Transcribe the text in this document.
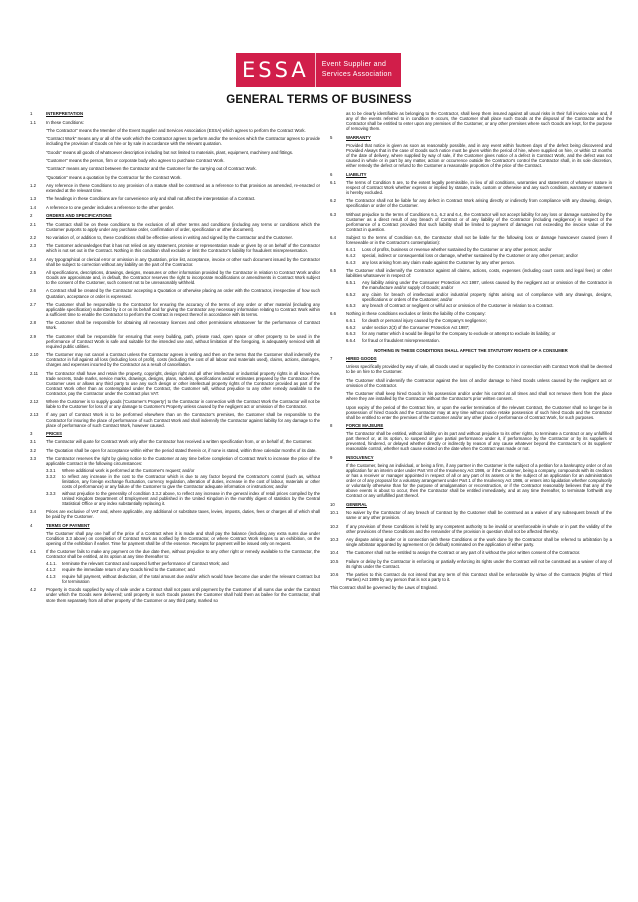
ESSA	Event Supplier and
Services Association
GENERAL TERMS OF BUSINESS
1	INTERPRETATION
1.1	In these Conditions:
"The Contractor" means the Member of the Event Supplier and Services Association (ESSA) which agrees to perform the Contract Work.
"Contract Work" means any or all of the work which the Contractor agrees to perform and/or the services which the Contractor agrees to provide including the provision of Goods on hire or by sale in accordance with the relevant quotation.
"Goods" means all goods of whatsoever description including but not limited to materials, plant, equipment, machinery and fittings.
"Customer" means the person, firm or corporate body who agrees to purchase Contract Work.
"Contract" means any contract between the Contractor and the Customer for the carrying out of Contract Work.
"Quotation" means a quotation by the Contractor for the Contract Work.
1.2	Any reference in these Conditions to any provision of a statute shall be construed as a reference to that provision as amended, re-enacted or extended at the relevant time.
1.3	The headings in these Conditions are for convenience only and shall not affect the interpretation of a Contract.
1.4	A reference to one gender includes a reference to the other gender.
2	ORDERS AND SPECIFICATIONS
2.1	The Contract shall be on these conditions to the exclusion of all other terms and conditions (including any terms or conditions which the Customer purports to apply under any purchase order, confirmation of order, specification or other document).
2.2	No variation of, or addition to, these Conditions shall be effective unless in writing and signed by the Contractor and the Customer.
2.3	The Customer acknowledges that it has not relied on any statement, promise or representation made or given by or on behalf of the Contractor which is not set out in the Contract. Nothing in this condition shall exclude or limit the Contractor's liability for fraudulent misrepresentation.
2.4	Any typographical or clerical error or omission in any Quotation, price list, acceptance, invoice or other such document issued by the Contractor shall be subject to correction without any liability on the part of the Contractor.
2.5	All specifications, descriptions, drawings, designs, measures or other information provided by the Contractor in relation to Contract Work and/or Goods are approximate and, in default, the Contractor reserves the right to incorporate modifications or amendments in Contract Work subject to the consent of the Customer, such consent not to be unreasonably withheld.
2.6	A Contract shall be created by the Contractor accepting a Quotation or otherwise placing an order with the Contractor, irrespective of how such Quotation, acceptance or order is expressed.
2.7	The Customer shall be responsible to the Contractor for ensuring the accuracy of the terms of any order or other material (including any applicable specification) submitted by it or on its behalf and for giving the Contractor any necessary information relating to Contract Work within a sufficient time to enable the Contractor to perform the Contract in respect thereof in accordance with its terms.
2.8	The Customer shall be responsible for obtaining all necessary licences and other permissions whatsoever for the performance of Contract Work.
2.9	The Customer shall be responsible for ensuring that every building, path, private road, open space or other property to be used in the performance of Contract Work is safe and suitable for the intended use and, without limitation of the foregoing, is adequately serviced with all required public utilities.
2.10	The Customer may not cancel a Contract unless the Contractor agrees in writing and then on the terms that the Customer shall indemnify the Contractor in full against all loss (including loss of profit), costs (including the cost of all labour and materials used), claims, actions, damages, charges and expenses incurred by the Contractor as a result of cancellation.
2.11	The Contractor shall have and retain the property, copyright, design right and all other intellectual or industrial property rights in all know-how, trade secrets, trade marks, service marks, drawings, designs, plans, models, specifications and/or estimates prepared by the Contractor. If the Customer uses or allows any third party to use any such design or other intellectual property rights of the Contractor provided as part of the Contract Work other than as contemplated under the Contract, the Customer will, without prejudice to any other remedy available to the Contractor, pay the Contractor under the Contract plus VAT.
2.12	Where the Customer is to supply goods ('Customer's Property') to the Contractor in connection with the Contract Work the Contractor will not be liable to the Customer for loss of or any damage to Customer's Property unless caused by the negligent act or omission of the Contractor.
2.13	If any part of Contract Work is to be performed elsewhere than on the Contractor's premises, the Customer shall be responsible to the Contractor for insuring the place of performance of such Contract Work and shall indemnify the Contractor against liability for any damage to the place of performance of such Contract Work, however caused.
3	PRICES
3.1	The Contractor will quote for Contract Work only after the Contractor has received a written specification from, or on behalf of, the Customer.
3.2	The Quotation shall be open for acceptance within either the period stated therein or, if none is stated, within three calendar months of its date.
3.3	The Contractor reserves the right by giving notice to the Customer at any time before completion of Contract Work to increase the price of the applicable Contract in the following circumstances:
3.3.1	Where additional work is performed at the Customer's request; and/or
3.3.2	to reflect any increase in the cost to the Contractor which is due to any factor beyond the Contractor's control (such as, without limitation, any foreign exchange fluctuation, currency regulation, alteration of duties, increase in the cost of labour, materials or other costs of performance) or any failure of the Customer to give the Contractor adequate information or instructions; and/or
3.3.3	without prejudice to the generality of condition 3.3.2 above, to reflect any increase in the general index of retail prices compiled by the United Kingdom Department of Employment and published in the United Kingdom in the monthly digest of statistics by the Central Statistical Office or any index substantially replacing it.
3.4	Prices are exclusive of VAT and, where applicable, any additional or substitute taxes, levies, imposts, duties, fees or charges all of which shall be paid by the Customer.
4	TERMS OF PAYMENT
The Customer shall pay one half of the price of a Contract when it is made and shall pay the balance (including any extra sums due under Condition 3.3 above) on completion of Contract Work as notified by the Contractor, or where Contract Work relates to an exhibition, on the opening of the exhibition if earlier. Time for payment shall be of the essence. Receipts for payment will be issued only on request.
4.1	If the Customer fails to make any payment on the due date then, without prejudice to any other right or remedy available to the Contractor, the Contractor shall be entitled, at its option at any time thereafter to:
4.1.1.	terminate the relevant Contract and suspend further performance of Contract Work; and
4.1.2	require the immediate return of any Goods hired to the Customer; and
4.1.3	require full payment, without deduction, of the total amount due and/or which would have become due under the relevant Contract but for termination
4.2	Property in Goods supplied by way of sale under a Contract shall not pass until payment by the Customer of all sums due under the Contract under which the Goods were delivered; until property in such Goods passes the Customer shall hold them as bailee for the Contractor, shall store them separately from all other property of the Customer or any third party, marked so
as to be clearly identifiable as belonging to the Contractor, shall keep them insured against all usual risks in their full invoice value and, if any of the events referred to in condition 9 occurs, the Customer shall place such Goods at the disposal of the Contractor and the Contractor shall be entitled to enter upon any premises of the Customer, or any other premises where such Goods are kept, for the purpose of removing them.
5	WARRANTY
Provided that notice is given as soon as reasonably possible, and in any event within fourteen days of the defect being discovered and Provided Always that in the case of Goods such notice must be given within the period of hire, where supplied on hire, or within 12 months of the date of delivery, where supplied by way of sale, if the Customer gives notice of a defect in Contract Work, and the defect was not caused in whole or in part by any matter, action or occurrence outside the Contractor's control the Contractor shall, in its sole discretion, either remedy the defect or refund to the Customer a reasonable proportion of the price of the Contract.
6	LIABILITY
6.1	The terms of Condition 5 are, to the extent legally permissible, in lieu of all conditions, warranties and statements of whatever nature in respect of Contract Work whether express or implied by statute, trade, custom or otherwise and any such condition, warranty or statement is hereby excluded.
6.2	The Contractor shall not be liable for any defect in Contract Work arising directly or indirectly from compliance with any drawing, design, specification or order of the Customer.
6.3	Without prejudice to the terms of Conditions 6.1, 6.2 and 6.4, the Contractor will not accept liability for any loss or damage sustained by the Customer as a direct result of any breach of Contract or of any liability of the Contractor (including negligence) in respect of the performance of a Contract provided that such liability shall be limited to payment of damages not exceeding the invoice value of the Contract in question.
6.4	Subject to the terms of Condition 6.6, the Contractor shall not be liable for the following loss or damage howsoever caused (even if foreseeable or in the Contractor's contemplation):
6.4.1	Loss of profits, business or revenue whether sustained by the Customer or any other person; and/or
6.4.2	special, indirect or consequential loss or damage, whether sustained by the Customer or any other person; and/or
6.4.3	any loss arising from any claim made against the Customer by any other person.
6.5	The Customer shall indemnify the Contractor against all claims, actions, costs, expenses (including court costs and legal fees) or other liabilities whatsoever in respect of:
6.5.1	Any liability arising under the Consumer Protection Act 1987, unless caused by the negligent act or omission of the Contractor in the manufacture and/or supply of Goods; and/or
6.5.2	any claim for breach of intellectual and/or industrial property rights arising out of compliance with any drawings, designs, specifications or orders of the Customer; and/or
6.5.3	any breach of Contract or negligent or wilful act or omission of the Customer in relation to a Contract.
6.6	Nothing in these conditions excludes or limits the liability of the Company:
6.6.1	for death or personal injury caused by the Company's negligence;
6.6.2	under section 2(3) of the Consumer Protection Act 1987;
6.6.3	for any matter which it would be illegal for the Company to exclude or attempt to exclude its liability; or
6.6.4	for fraud or fraudulent misrepresentation.
NOTHING IN THESE CONDITIONS SHALL AFFECT THE STATUTORY RIGHTS OF A CONSUMER
7	HIRED GOODS
Unless specifically provided by way of sale, all Goods used or supplied by the Contractor in connection with Contract Work shall be deemed to be on hire to the Customer.
The Customer shall indemnify the Contractor against the loss of and/or damage to hired Goods unless caused by the negligent act or omission of the Contractor.
The Customer shall keep hired Goods in his possession and/or under his control at all times and shall not remove them from the place where they are installed by the Contractor without the Contractor's prior written consent.
Upon expiry of the period of the Contract hire, or upon the earlier termination of the relevant Contract, the Customer shall no longer be in possession of hired Goods and the Contractor may at any time without notice retake possession of such hired Goods and the Contractor shall be entitled to enter the premises of the Customer and/or any other place of performance of Contract Work, for such purposes.
8	FORCE MAJEURE
The Contractor shall be entitled, without liability on its part and without prejudice to its other rights, to terminate a Contract or any unfulfilled part thereof or, at its option, to suspend or give partial performance under it, if performance by the Contractor or by its suppliers is prevented, hindered, or delayed whether directly or indirectly by reason of any cause whatever beyond the Contractor's or its suppliers' reasonable control, whether such cause existed on the date when the Contract was made or not.
9	INSOLVENCY
If the Customer, being an individual, or being a firm, if any partner in the Customer is the subject of a petition for a bankruptcy order or of an application for an interim order under Part VIII of the Insolvency Act 1986, or if the Customer, being a company, compounds with its creditors or has a receiver or manager appointed in respect of all or any part of its assets or is the subject of an application for an administration order or of any proposal for a voluntary arrangement under Part 1 of the Insolvency Act 1986, or enters into liquidation whether compulsorily or voluntarily otherwise than for the purpose of amalgamation or reconstruction, or if the Contractor reasonably believes that any of the above events is about to occur, then the Contractor shall be entitled immediately, and at any time thereafter, to terminate forthwith any Contract or any unfulfilled part thereof.
10	GENERAL
10.1	No waiver by the Contractor of any breach of Contract by the Customer shall be construed as a waiver of any subsequent breach of the same or any other provision.
10.2	If any provision of these Conditions is held by any competent authority to be invalid or unenforceable in whole or in part the validity of the other provisions of these Conditions and the remainder of the provision in question shall not be affected thereby.
10.3	Any dispute arising under or in connection with these Conditions or the work done by the Contractor shall be referred to arbitration by a single arbitrator appointed by agreement or (in default) nominated on the application of either party.
10.4	The Customer shall not be entitled to assign the Contract or any part of it without the prior written consent of the Contractor.
10.5	Failure or delay by the Contractor in enforcing or partially enforcing its rights under the Contract will not be construed as a waiver of any of its rights under the Contract.
10.6	The parties to this Contract do not intend that any term of this Contract shall be enforceable by virtue of the Contracts (Rights of Third Parties) Act 1999 by any person that is not a party to it.
This Contract shall be governed by the Laws of England.
